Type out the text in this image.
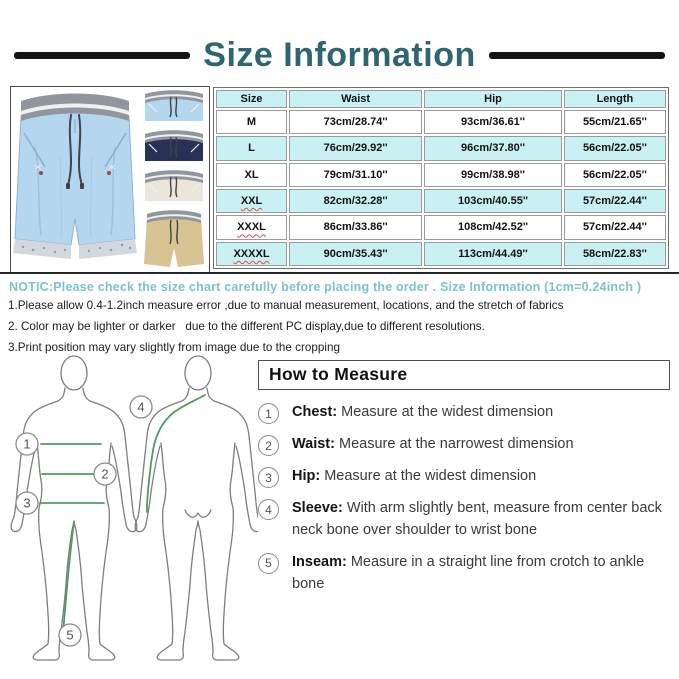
Size Information
Size	Waist	Hip	Length
M	73cm/28.74''	93cm/36.61''	55cm/21.65''
L	76cm/29.92''	96cm/37.80''	56cm/22.05''
XL	79cm/31.10''	99cm/38.98''	56cm/22.05''
XXL	82cm/32.28''	103cm/40.55''	57cm/22.44''
XXXL	86cm/33.86''	108cm/42.52''	57cm/22.44''
XXXXL	90cm/35.43''	113cm/44.49''	58cm/22.83''
NOTIC:Please check the size chart carefully before placing the order . Size Information (1cm=0.24inch )
1.Please allow 0.4-1.2inch measure error ,due to manual measurement, locations, and the stretch of fabrics
2. Color may be lighter or darker   due to the different PC display,due to different resolutions.
3.Print position may vary slightly from image due to the cropping
1
2
3
4
5
How to Measure
1	Chest: Measure at the widest dimension
2	Waist: Measure at the narrowest dimension
3	Hip: Measure at the widest dimension
4	Sleeve: With arm slightly bent, measure from center back neck bone over shoulder to wrist bone
5	Inseam: Measure in a straight line from crotch to ankle bone
